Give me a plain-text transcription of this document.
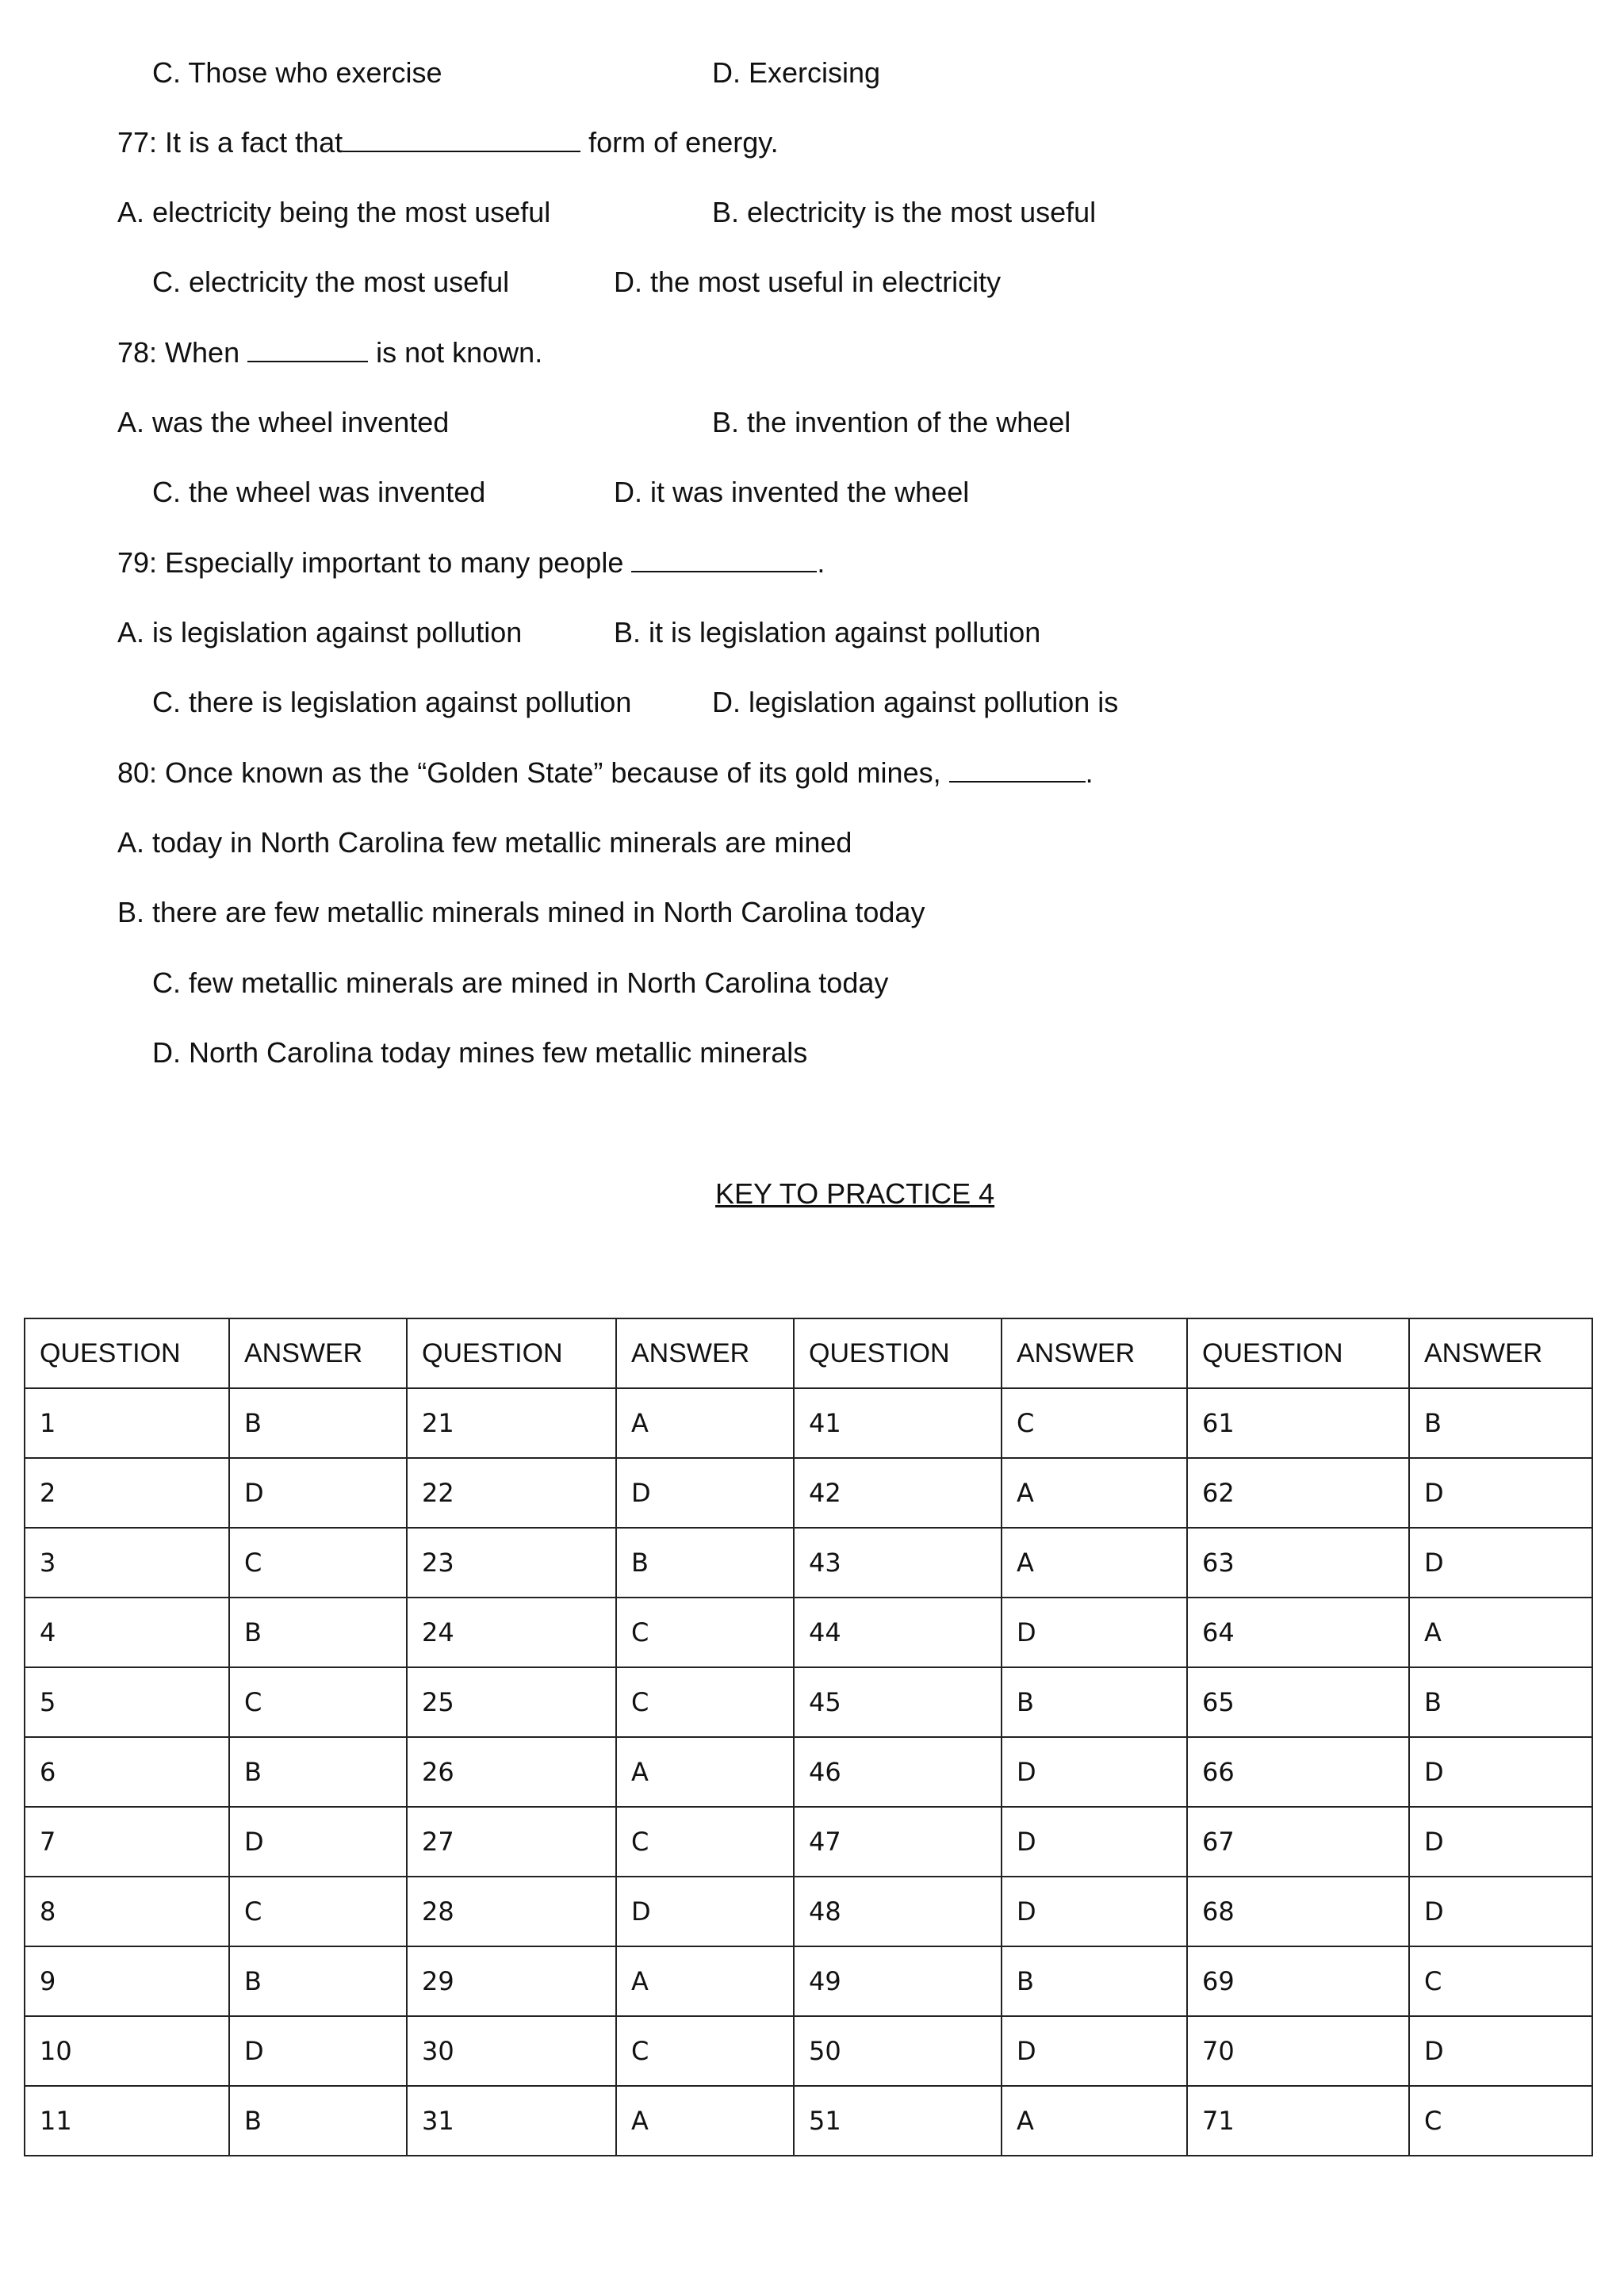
C. Those who exercise	D. Exercising
77: It is a fact that	form of energy.
A. electricity being the most useful	B. electricity is the most useful
C. electricity the most useful	D. the most useful in electricity
78: When	is not known.
A. was the wheel invented	B. the invention of the wheel
C. the wheel was invented	D. it was invented the wheel
79: Especially important to many people	.
A. is legislation against pollution	B. it is legislation against pollution
C. there is legislation against pollution	D. legislation against pollution is
80: Once known as the “Golden State” because of its gold mines,	.
A. today in North Carolina few metallic minerals are mined
B. there are few metallic minerals mined in North Carolina today
C. few metallic minerals are mined in North Carolina today
D. North Carolina today mines few metallic minerals
KEY TO PRACTICE 4
QUESTION	ANSWER	QUESTION	ANSWER	QUESTION	ANSWER	QUESTION	ANSWER
1	B	21	A	41	C	61	B
2	D	22	D	42	A	62	D
3	C	23	B	43	A	63	D
4	B	24	C	44	D	64	A
5	C	25	C	45	B	65	B
6	B	26	A	46	D	66	D
7	D	27	C	47	D	67	D
8	C	28	D	48	D	68	D
9	B	29	A	49	B	69	C
10	D	30	C	50	D	70	D
11	B	31	A	51	A	71	C
